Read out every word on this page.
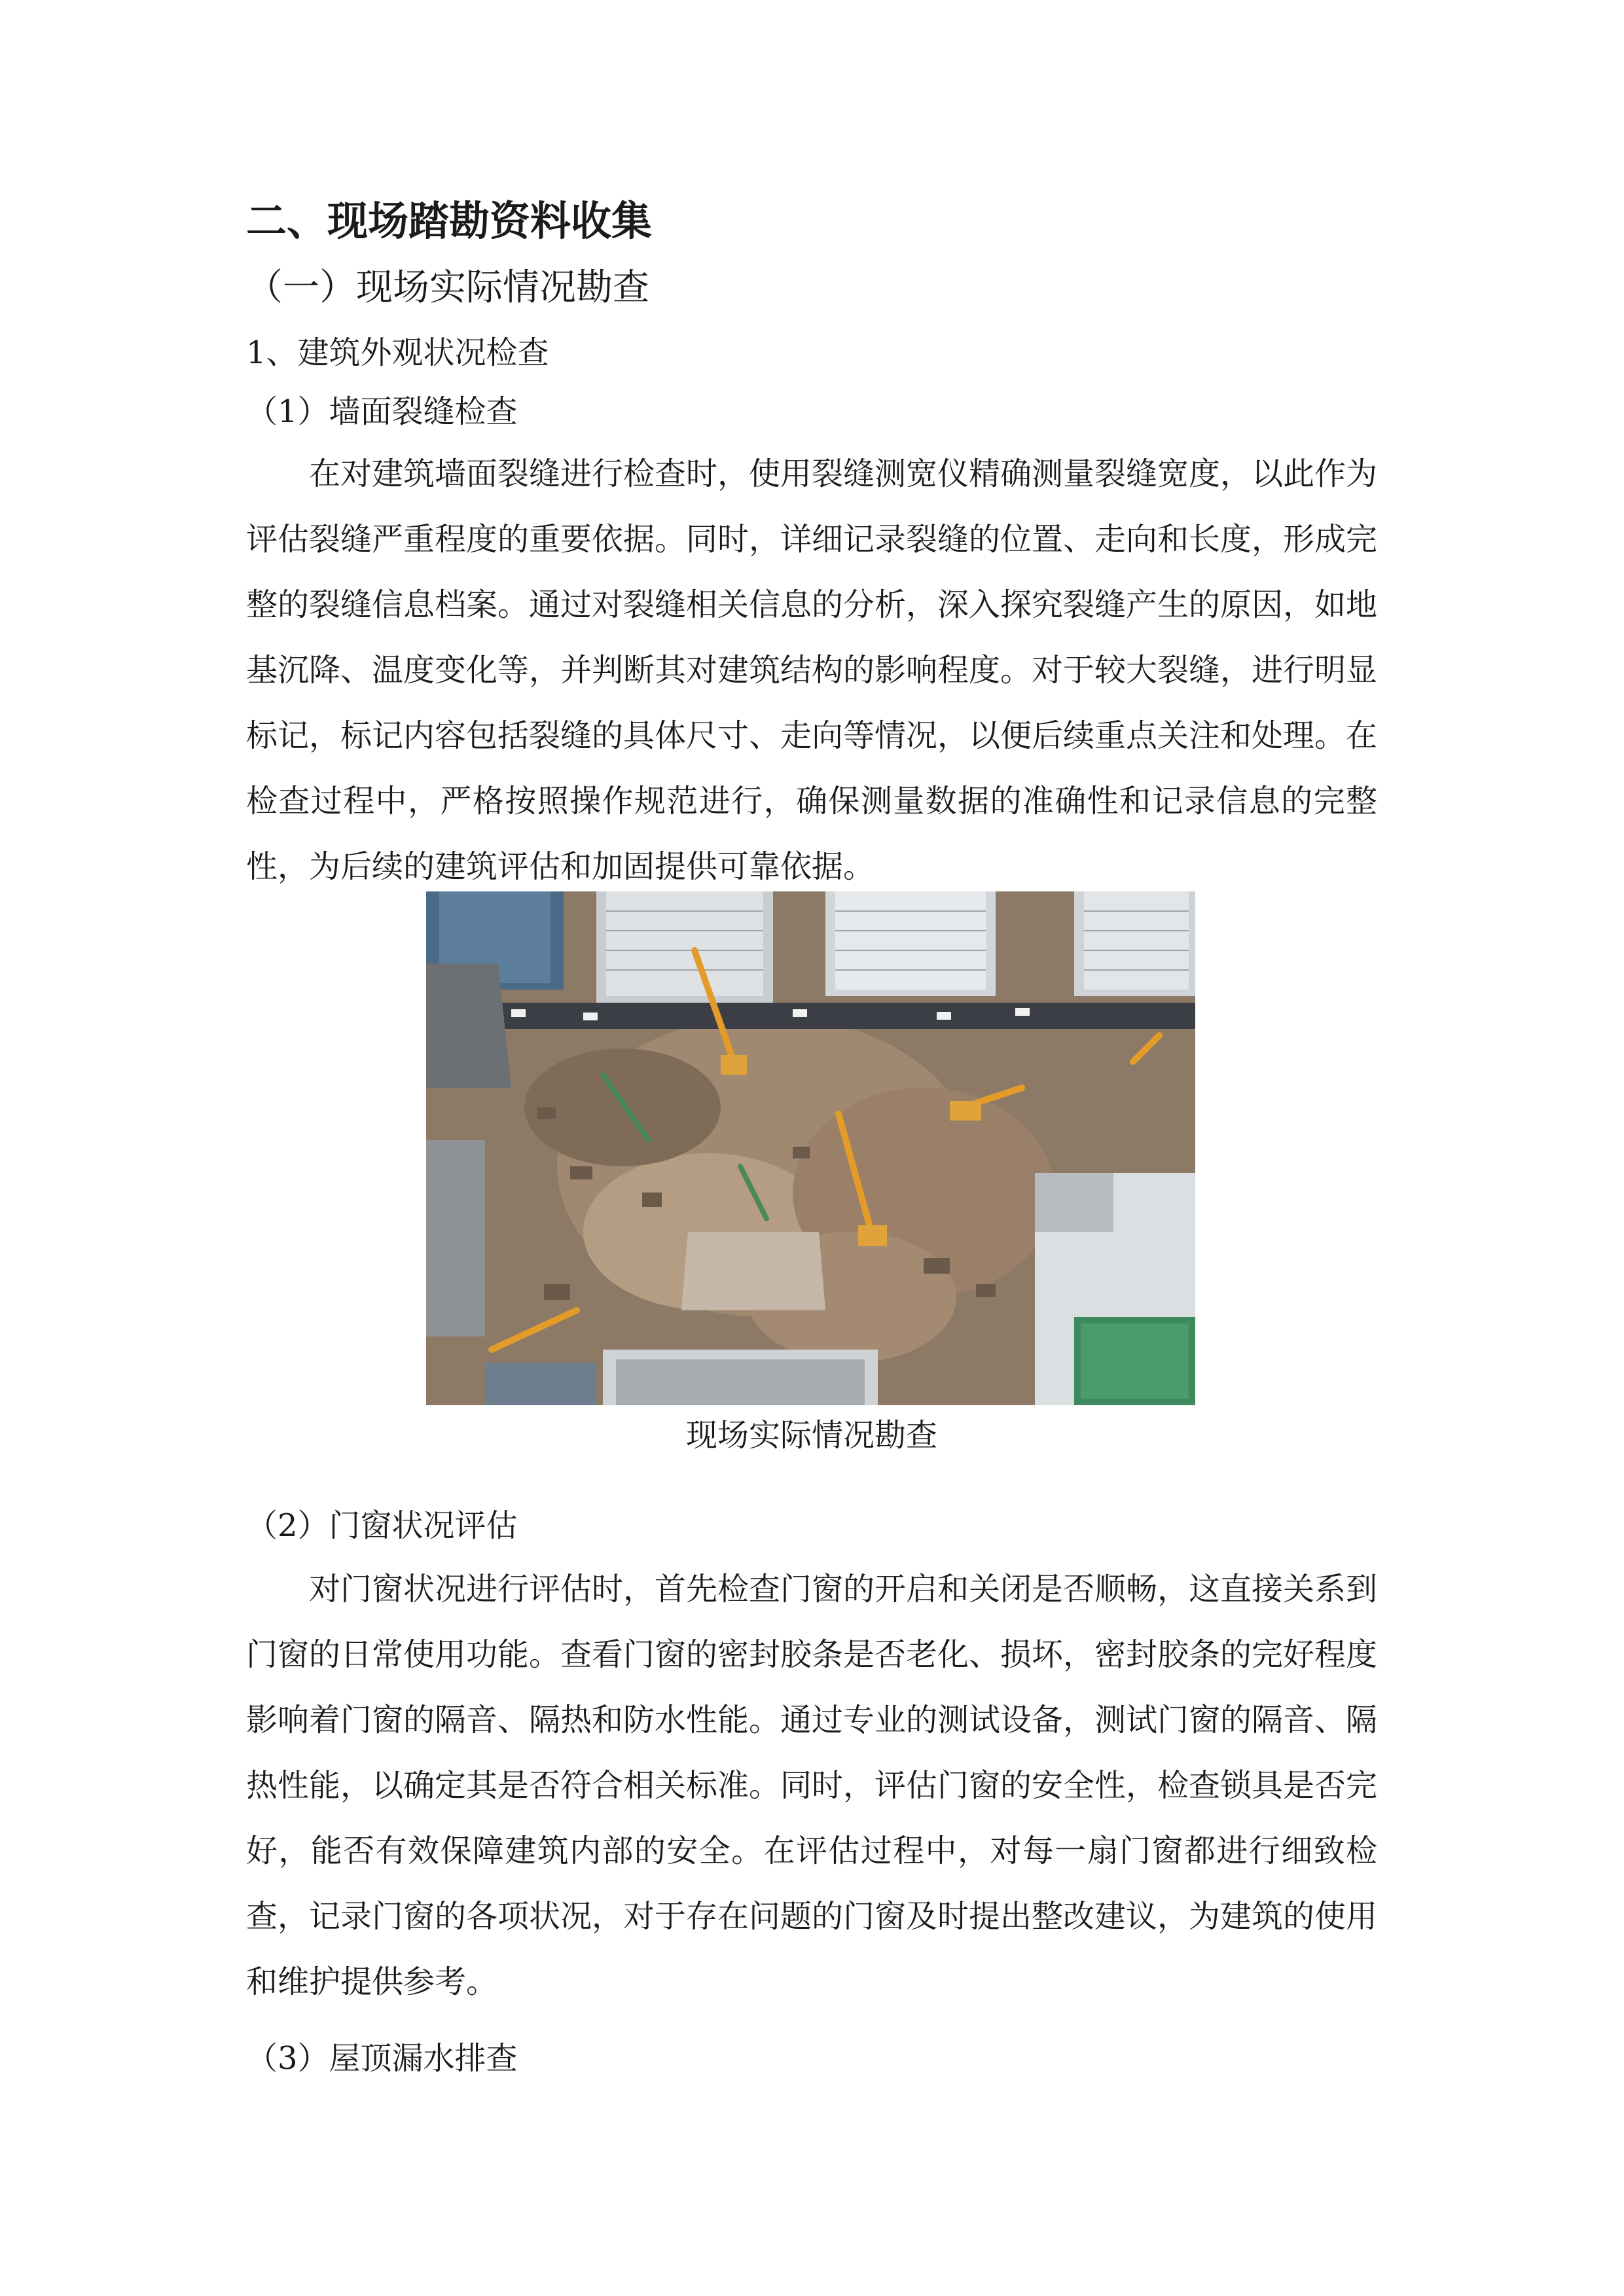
二、现场踏勘资料收集
（一）现场实际情况勘查
1、建筑外观状况检查
（1）墙面裂缝检查

在对建筑墙面裂缝进行检查时，使用裂缝测宽仪精确测量裂缝宽度，以此作为评估裂缝严重程度的重要依据。同时，详细记录裂缝的位置、走向和长度，形成完整的裂缝信息档案。通过对裂缝相关信息的分析，深入探究裂缝产生的原因，如地基沉降、温度变化等，并判断其对建筑结构的影响程度。对于较大裂缝，进行明显标记，标记内容包括裂缝的具体尺寸、走向等情况，以便后续重点关注和处理。在检查过程中，严格按照操作规范进行，确保测量数据的准确性和记录信息的完整性，为后续的建筑评估和加固提供可靠依据。

现场实际情况勘查
（2）门窗状况评估

对门窗状况进行评估时，首先检查门窗的开启和关闭是否顺畅，这直接关系到门窗的日常使用功能。查看门窗的密封胶条是否老化、损坏，密封胶条的完好程度影响着门窗的隔音、隔热和防水性能。通过专业的测试设备，测试门窗的隔音、隔热性能，以确定其是否符合相关标准。同时，评估门窗的安全性，检查锁具是否完好，能否有效保障建筑内部的安全。在评估过程中，对每一扇门窗都进行细致检查，记录门窗的各项状况，对于存在问题的门窗及时提出整改建议，为建筑的使用和维护提供参考。

（3）屋顶漏水排查
